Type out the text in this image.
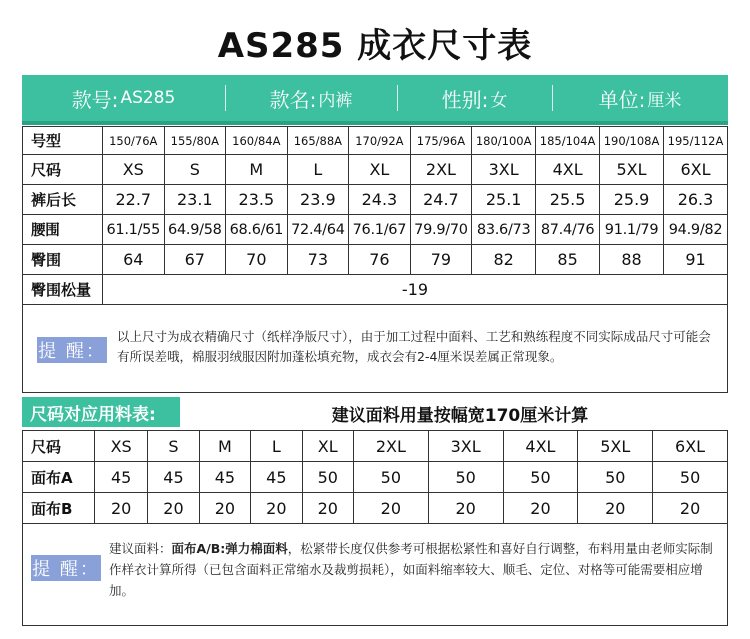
AS285 成衣尺寸表
款号: AS285	款名: 内裤	性别: 女	单位: 厘米
号型	150/76A	155/80A	160/84A	165/88A	170/92A	175/96A	180/100A	185/104A	190/108A	195/112A
尺码	XS	S	M	L	XL	2XL	3XL	4XL	5XL	6XL
裤后长	22.7	23.1	23.5	23.9	24.3	24.7	25.1	25.5	25.9	26.3
腰围	61.1/55	64.9/58	68.6/61	72.4/64	76.1/67	79.9/70	83.6/73	87.4/76	91.1/79	94.9/82
臀围	64	67	70	73	76	79	82	85	88	91
臀围松量	-19									
提 醒：
以上尺寸为成衣精确尺寸（纸样净版尺寸），由于加工过程中面料、工艺和熟练程度不同实际成品尺寸可能会有所误差哦，棉服羽绒服因附加蓬松填充物，成衣会有2-4厘米误差属正常现象。
尺码对应用料表:	建议面料用量按幅宽170厘米计算
尺码	XS	S	M	L	XL	2XL	3XL	4XL	5XL	6XL
面布A	45	45	45	45	50	50	50	50	50	50
面布B	20	20	20	20	20	20	20	20	20	20
提 醒：
建议面料：面布A/B:弹力棉面料，松紧带长度仅供参考可根据松紧性和喜好自行调整，布料用量由老师实际制作样衣计算所得（已包含面料正常缩水及裁剪损耗），如面料缩率较大、顺毛、定位、对格等可能需要相应增加。
